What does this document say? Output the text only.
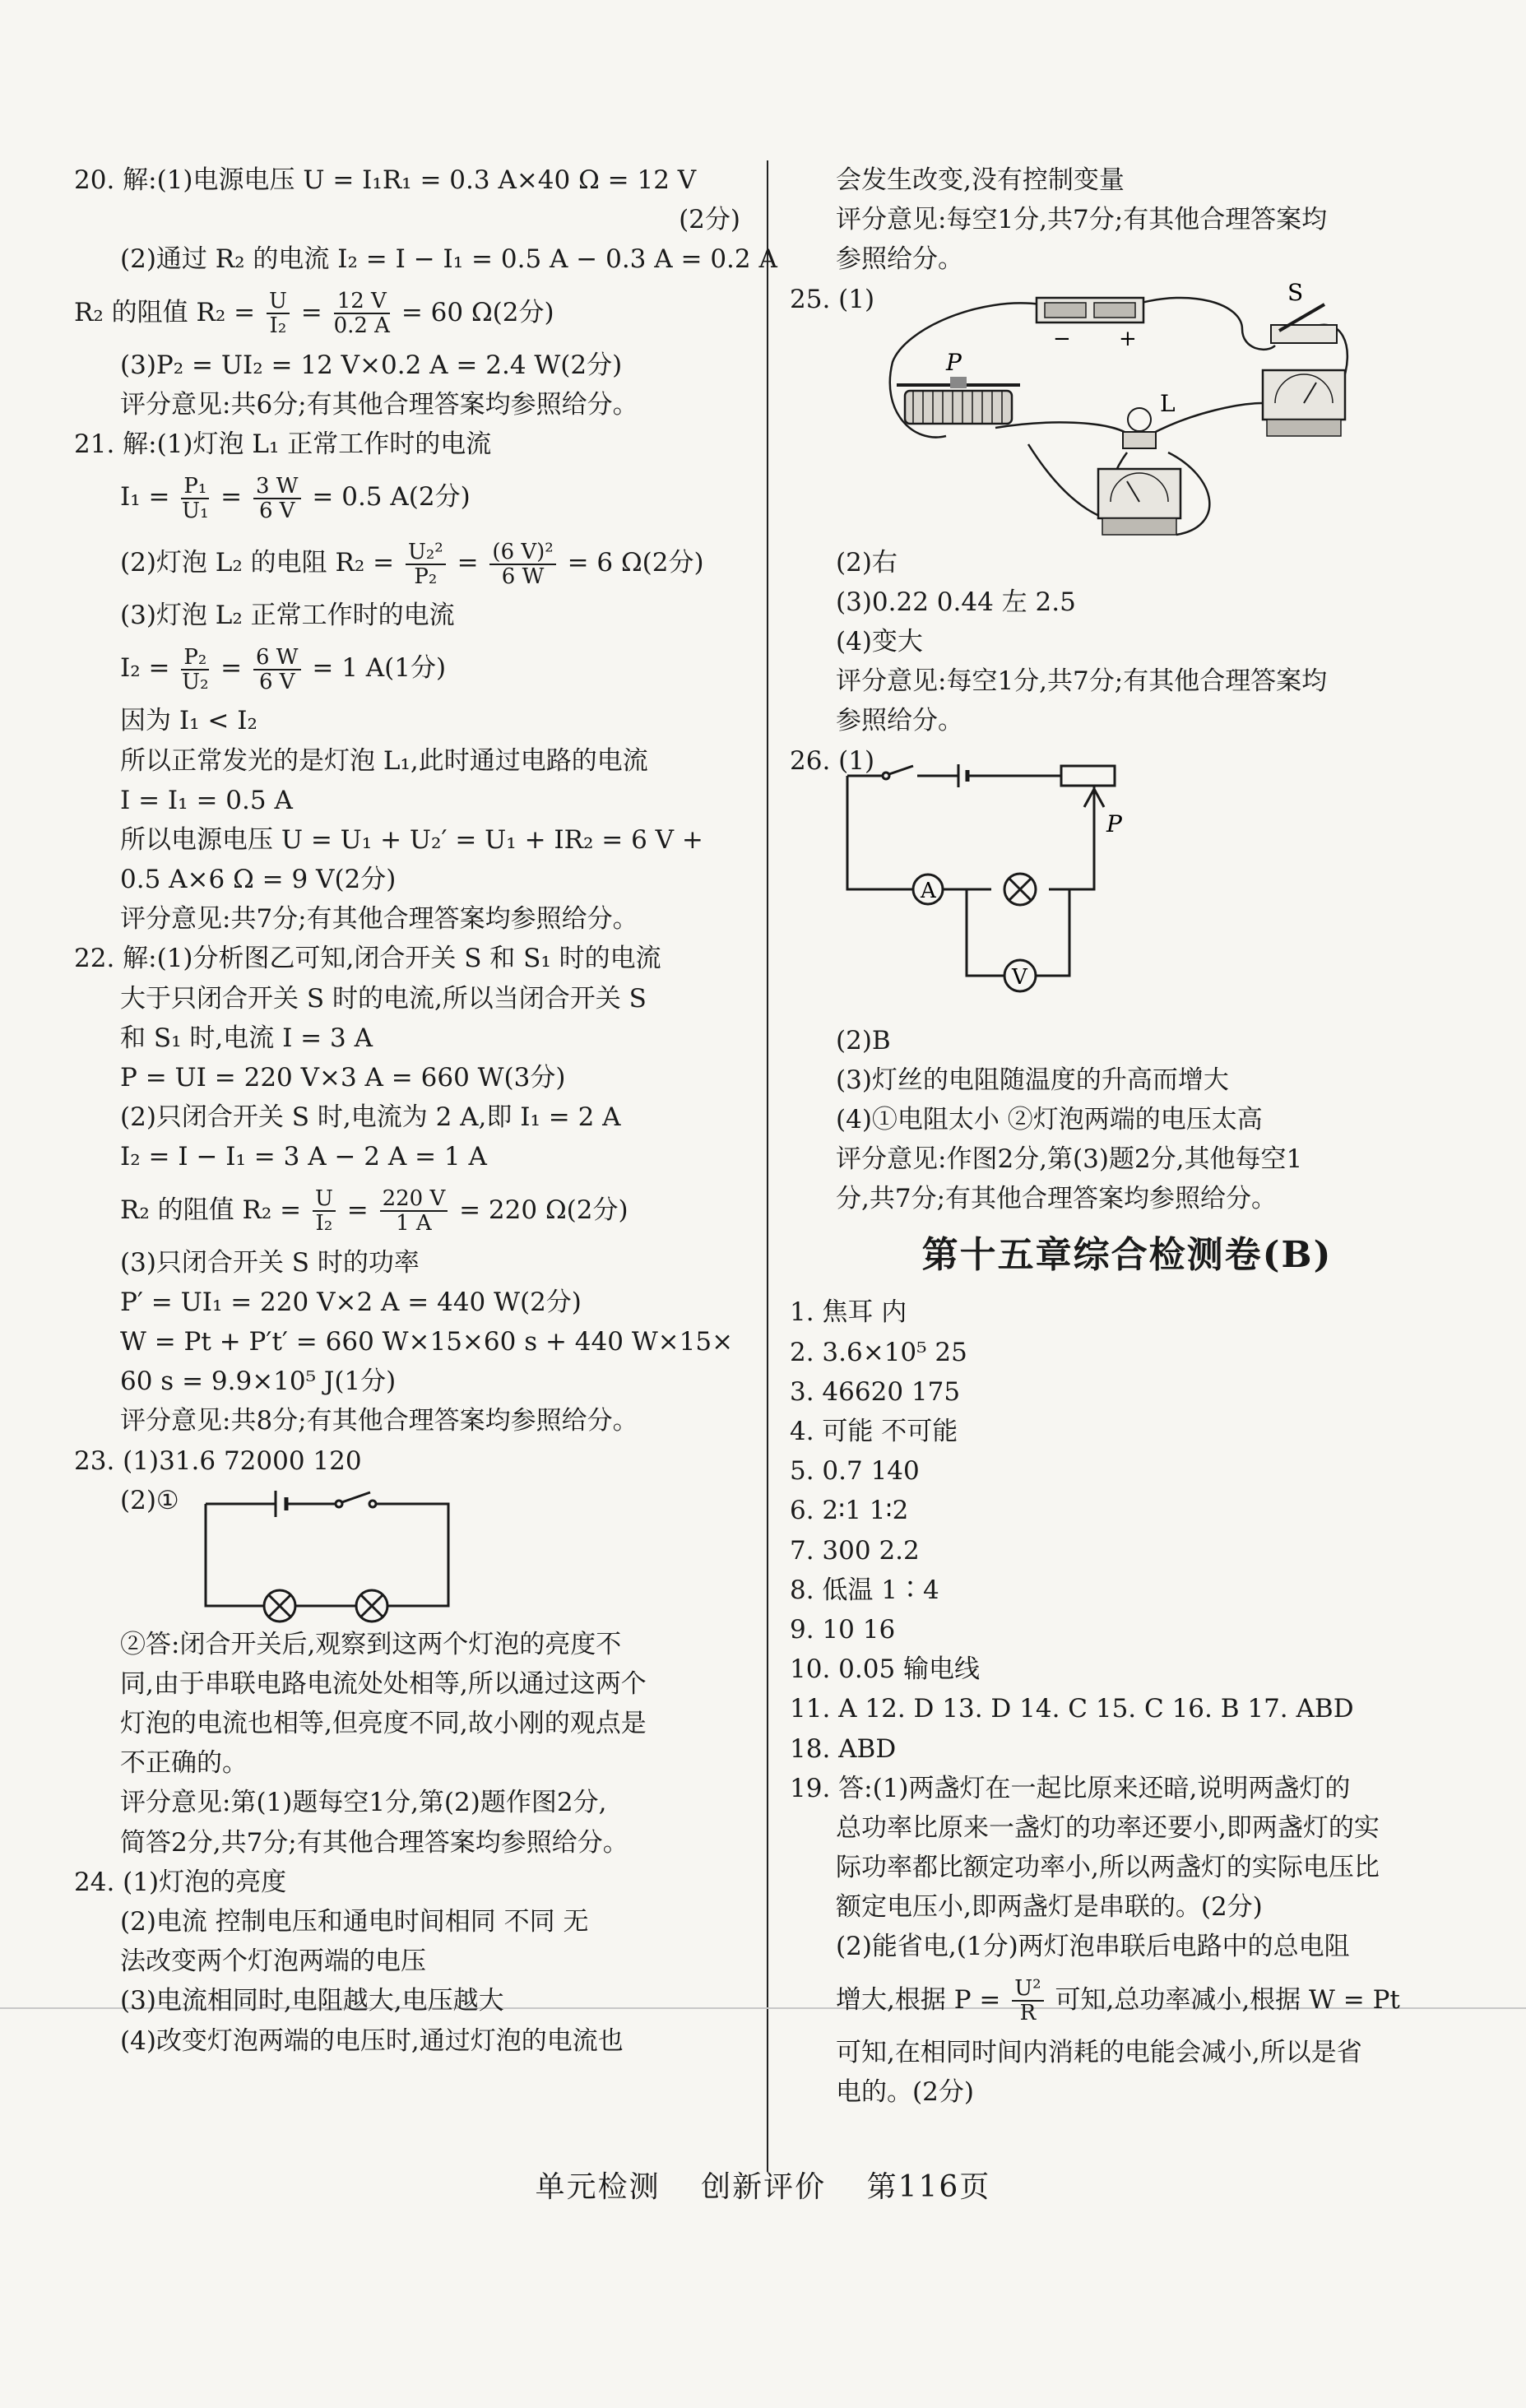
20. 解:(1)电源电压 U = I₁R₁ = 0.3 A×40 Ω = 12 V
(2分)
(2)通过 R₂ 的电流 I₂ = I − I₁ = 0.5 A − 0.3 A = 0.2 A
R₂ 的阻值 $R_2 = \frac{U}{\text{I₂}} = \frac{12 V}{0.2 A} = 60$ Ω(2分)
(3)P₂ = UI₂ = 12 V×0.2 A = 2.4 W(2分)
评分意见:共6分;有其他合理答案均参照给分。
21. 解:(1)灯泡 L₁ 正常工作时的电流
$I_1 = \frac{\text{P₁}}{\text{U₁}} = \frac{3 W}{6 V} = 0.5$ A(2分)
(2)灯泡 L₂ 的电阻 $R_2 = \frac{\text{U₂²}}{\text{P₂}} = \frac{\text{(6 V)²}}{6 W} = 6$ Ω(2分)
(3)灯泡 L₂ 正常工作时的电流
$I_2 = \frac{\text{P₂}}{\text{U₂}} = \frac{6 W}{6 V} = 1$ A(1分)
因为 I₁ < I₂
所以正常发光的是灯泡 L₁,此时通过电路的电流
I = I₁ = 0.5 A
所以电源电压 U = U₁ + U₂′ = U₁ + IR₂ = 6 V +
0.5 A×6 Ω = 9 V(2分)
评分意见:共7分;有其他合理答案均参照给分。
22. 解:(1)分析图乙可知,闭合开关 S 和 S₁ 时的电流
大于只闭合开关 S 时的电流,所以当闭合开关 S
和 S₁ 时,电流 I = 3 A
P = UI = 220 V×3 A = 660 W(3分)
(2)只闭合开关 S 时,电流为 2 A,即 I₁ = 2 A
I₂ = I − I₁ = 3 A − 2 A = 1 A
R₂ 的阻值 $R_2 = \frac{U}{\text{I₂}} = \frac{220 V}{1 A} = 220$ Ω(2分)
(3)只闭合开关 S 时的功率
P′ = UI₁ = 220 V×2 A = 440 W(2分)
W = Pt + P′t′ = 660 W×15×60 s + 440 W×15×
60 s = 9.9×10⁵ J(1分)
评分意见:共8分;有其他合理答案均参照给分。
23. (1)31.6 72000 120
(2)①
②答:闭合开关后,观察到这两个灯泡的亮度不
同,由于串联电路电流处处相等,所以通过这两个
灯泡的电流也相等,但亮度不同,故小刚的观点是
不正确的。
评分意见:第(1)题每空1分,第(2)题作图2分,
简答2分,共7分;有其他合理答案均参照给分。
24. (1)灯泡的亮度
(2)电流 控制电压和通电时间相同 不同 无
法改变两个灯泡两端的电压
(3)电流相同时,电阻越大,电压越大
(4)改变灯泡两端的电压时,通过灯泡的电流也
会发生改变,没有控制变量
评分意见:每空1分,共7分;有其他合理答案均
参照给分。
25. (1)
− +
S
P
L
(2)右
(3)0.22 0.44 左 2.5
(4)变大
评分意见:每空1分,共7分;有其他合理答案均
参照给分。
26. (1)
A
V
P
(2)B
(3)灯丝的电阻随温度的升高而增大
(4)①电阻太小 ②灯泡两端的电压太高
评分意见:作图2分,第(3)题2分,其他每空1
分,共7分;有其他合理答案均参照给分。
第十五章综合检测卷(B)
1. 焦耳 内
2. 3.6×10⁵ 25
3. 46620 175
4. 可能 不可能
5. 0.7 140
6. 2∶1 1∶2
7. 300 2.2
8. 低温 1∶4
9. 10 16
10. 0.05 输电线
11. A 12. D 13. D 14. C 15. C 16. B 17. ABD
18. ABD
19. 答:(1)两盏灯在一起比原来还暗,说明两盏灯的
总功率比原来一盏灯的功率还要小,即两盏灯的实
际功率都比额定功率小,所以两盏灯的实际电压比
额定电压小,即两盏灯是串联的。(2分)
(2)能省电,(1分)两灯泡串联后电路中的总电阻
增大,根据 $P = \frac{\text{U²}}{R}$ 可知,总功率减小,根据 W = Pt
可知,在相同时间内消耗的电能会减小,所以是省
电的。(2分)
单元检测 创新评价 第116页
